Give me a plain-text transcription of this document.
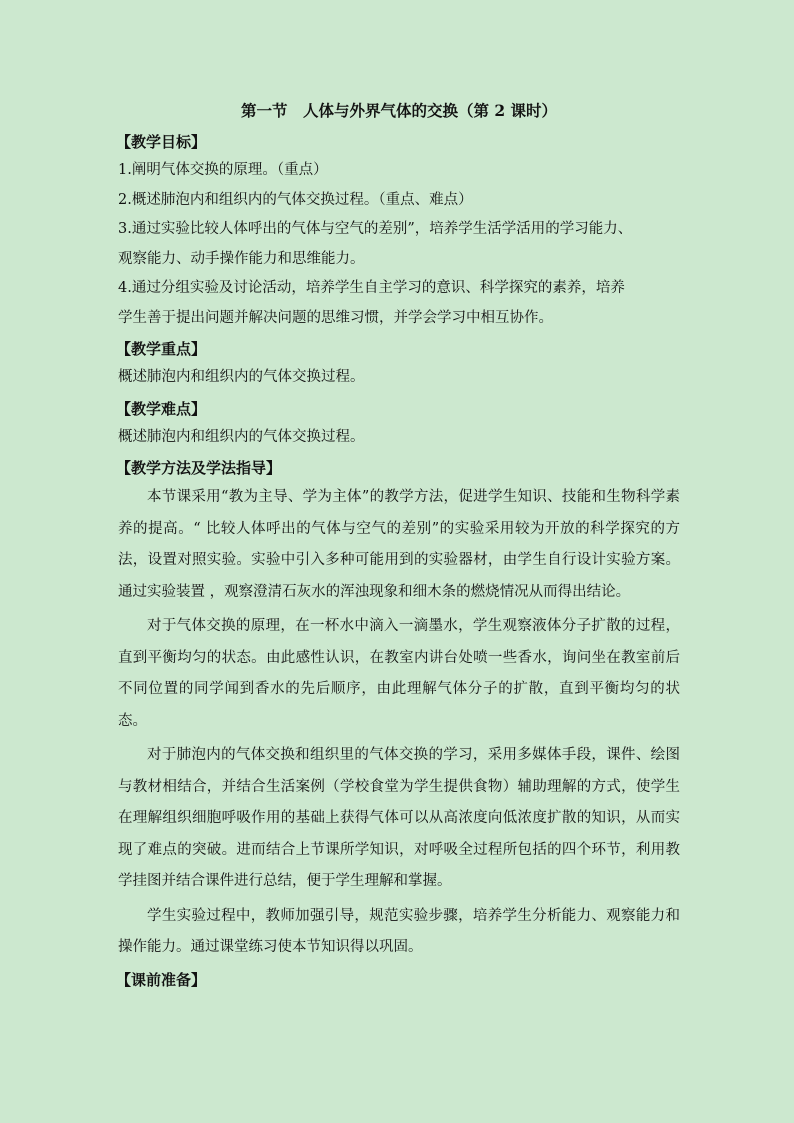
第一节　人体与外界气体的交换（第 2 课时）
【教学目标】
1.阐明气体交换的原理。（重点）
2.概述肺泡内和组织内的气体交换过程。（重点、难点）
3.通过实验比较人体呼出的气体与空气的差别”，培养学生活学活用的学习能力、
观察能力、动手操作能力和思维能力。
4.通过分组实验及讨论活动，培养学生自主学习的意识、科学探究的素养，培养
学生善于提出问题并解决问题的思维习惯，并学会学习中相互协作。
【教学重点】
概述肺泡内和组织内的气体交换过程。
【教学难点】
概述肺泡内和组织内的气体交换过程。
【教学方法及学法指导】

本节课采用“教为主导、学为主体”的教学方法，促进学生知识、技能和生物科学素养的提高。“ 比较人体呼出的气体与空气的差别”的实验采用较为开放的科学探究的方法，设置对照实验。实验中引入多种可能用到的实验器材，由学生自行设计实验方案。通过实验装置 ，观察澄清石灰水的浑浊现象和细木条的燃烧情况从而得出结论。

对于气体交换的原理，在一杯水中滴入一滴墨水，学生观察液体分子扩散的过程，直到平衡均匀的状态。由此感性认识，在教室内讲台处喷一些香水，询问坐在教室前后不同位置的同学闻到香水的先后顺序，由此理解气体分子的扩散，直到平衡均匀的状态。

对于肺泡内的气体交换和组织里的气体交换的学习，采用多媒体手段，课件、绘图与教材相结合，并结合生活案例（学校食堂为学生提供食物）辅助理解的方式，使学生在理解组织细胞呼吸作用的基础上获得气体可以从高浓度向低浓度扩散的知识，从而实现了难点的突破。进而结合上节课所学知识，对呼吸全过程所包括的四个环节，利用教学挂图并结合课件进行总结，便于学生理解和掌握。

学生实验过程中，教师加强引导，规范实验步骤，培养学生分析能力、观察能力和操作能力。通过课堂练习使本节知识得以巩固。

【课前准备】
